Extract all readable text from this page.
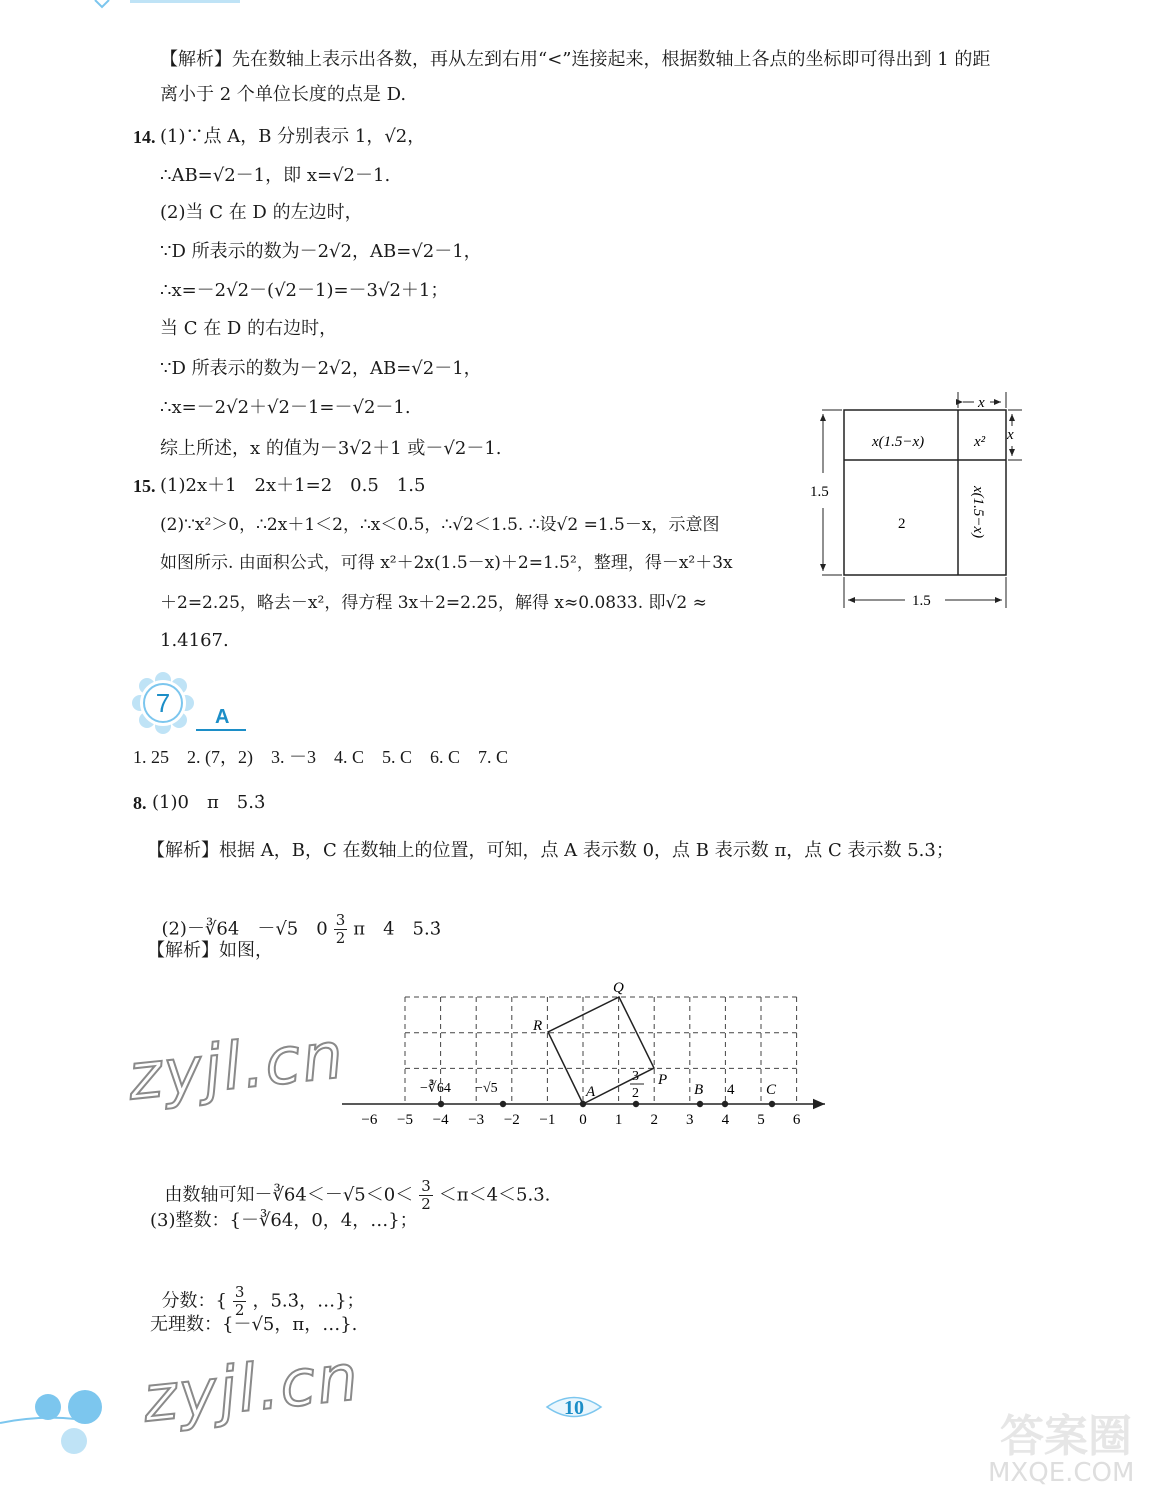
【解析】先在数轴上表示出各数，再从左到右用“<”连接起来，根据数轴上各点的坐标即可得出到 1 的距
离小于 2 个单位长度的点是 D.
14. (1)∵点 A，B 分别表示 1，√2，
∴AB=√2－1，即 x=√2－1.
(2)当 C 在 D 的左边时，
∵D 所表示的数为－2√2，AB=√2－1，
∴x=－2√2－(√2－1)=－3√2＋1；
当 C 在 D 的右边时，
∵D 所表示的数为－2√2，AB=√2－1，
∴x=－2√2＋√2－1=－√2－1.
综上所述，x 的值为－3√2＋1 或－√2－1.
15. (1)2x＋1　2x＋1=2　0.5　1.5
(2)∵x²＞0，∴2x＋1＜2，∴x＜0.5，∴√2＜1.5. ∴设√2 =1.5－x，示意图
如图所示. 由面积公式，可得 x²＋2x(1.5－x)＋2=1.5²，整理，得－x²＋3x
＋2=2.25，略去－x²，得方程 3x＋2=2.25，解得 x≈0.0833. 即√2 ≈
1.4167.
x
x
1.5
1.5
x(1.5−x)	x²
2	x(1.5−x)
7 A
1. 25　2. (7，2)　3. －3　4. C　5. C　6. C　7. C
8. (1)0　π　5.3̇
【解析】根据 A，B，C 在数轴上的位置，可知，点 A 表示数 0，点 B 表示数 π，点 C 表示数 5.3̇；

(2)－∛64　－√5　$0 \frac{3}{2}$ π　4　5.3̇

【解析】如图，
−6 −5 −4 −3 −2 −1 0 1 2 3 4 5 6
Q
R
P
A	B 4 C
−∛64 −√5
3
2

由数轴可知－∛64＜－√5＜0＜ $\frac{3}{2}$ ＜π＜4＜5.3̇.

(3)整数：{－∛64，0，4，…}；

分数：{ $\frac{3}{2}$ ，5.3̇，…}；

无理数：{－√5，π，…}.
zyjl.cn
zyjl.cn	10
答案圈
MXQE.COM
